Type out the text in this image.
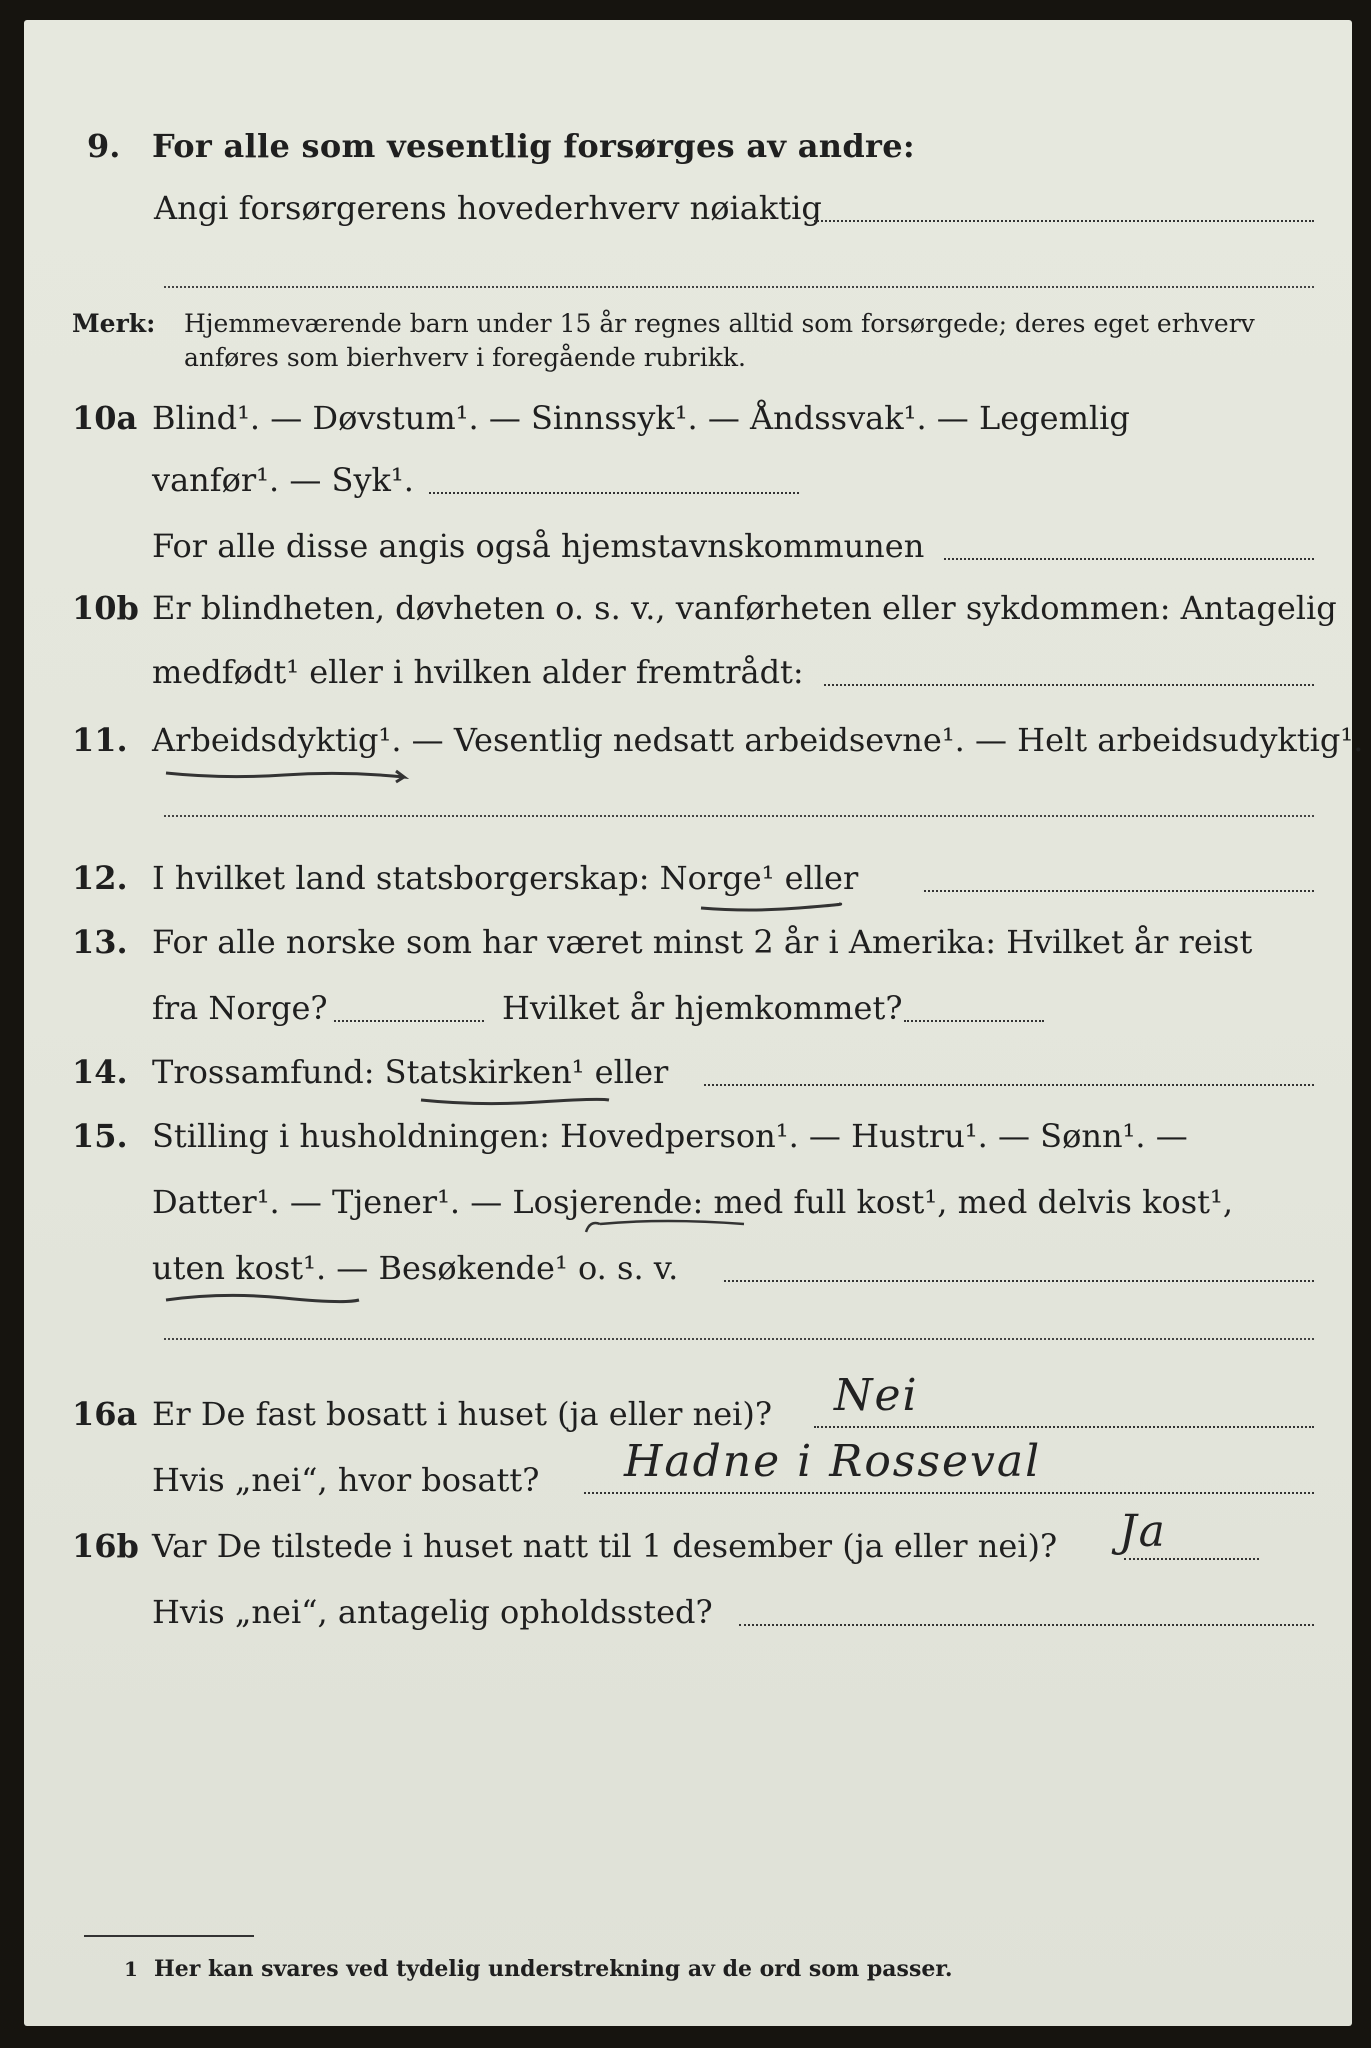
9. For alle som vesentlig forsørges av andre:
Angi forsørgerens hovederhverv nøiaktig
Merk: Hjemmeværende barn under 15 år regnes alltid som forsørgede; deres eget erhverv
anføres som bierhverv i foregående rubrikk.
10a Blind¹. — Døvstum¹. — Sinnssyk¹. — Åndssvak¹. — Legemlig
vanfør¹. — Syk¹.
For alle disse angis også hjemstavnskommunen
10b Er blindheten, døvheten o. s. v., vanførheten eller sykdommen: Antagelig
medfødt¹ eller i hvilken alder fremtrådt:
11. Arbeidsdyktig¹. — Vesentlig nedsatt arbeidsevne¹. — Helt arbeidsudyktig¹.
12. I hvilket land statsborgerskap: Norge¹ eller
13. For alle norske som har været minst 2 år i Amerika: Hvilket år reist
fra Norge?	Hvilket år hjemkommet?
14. Trossamfund: Statskirken¹ eller
15. Stilling i husholdningen: Hovedperson¹. — Hustru¹. — Sønn¹. —
Datter¹. — Tjener¹. — Losjerende: med full kost¹, med delvis kost¹,
uten kost¹. — Besøkende¹ o. s. v.
16a Er De fast bosatt i huset (ja eller nei)? Nei
Hvis „nei“, hvor bosatt? Hadne i Rosseval
16b Var De tilstede i huset natt til 1 desember (ja eller nei)? Ja
Hvis „nei“, antagelig opholdssted?
1 Her kan svares ved tydelig understrekning av de ord som passer.
